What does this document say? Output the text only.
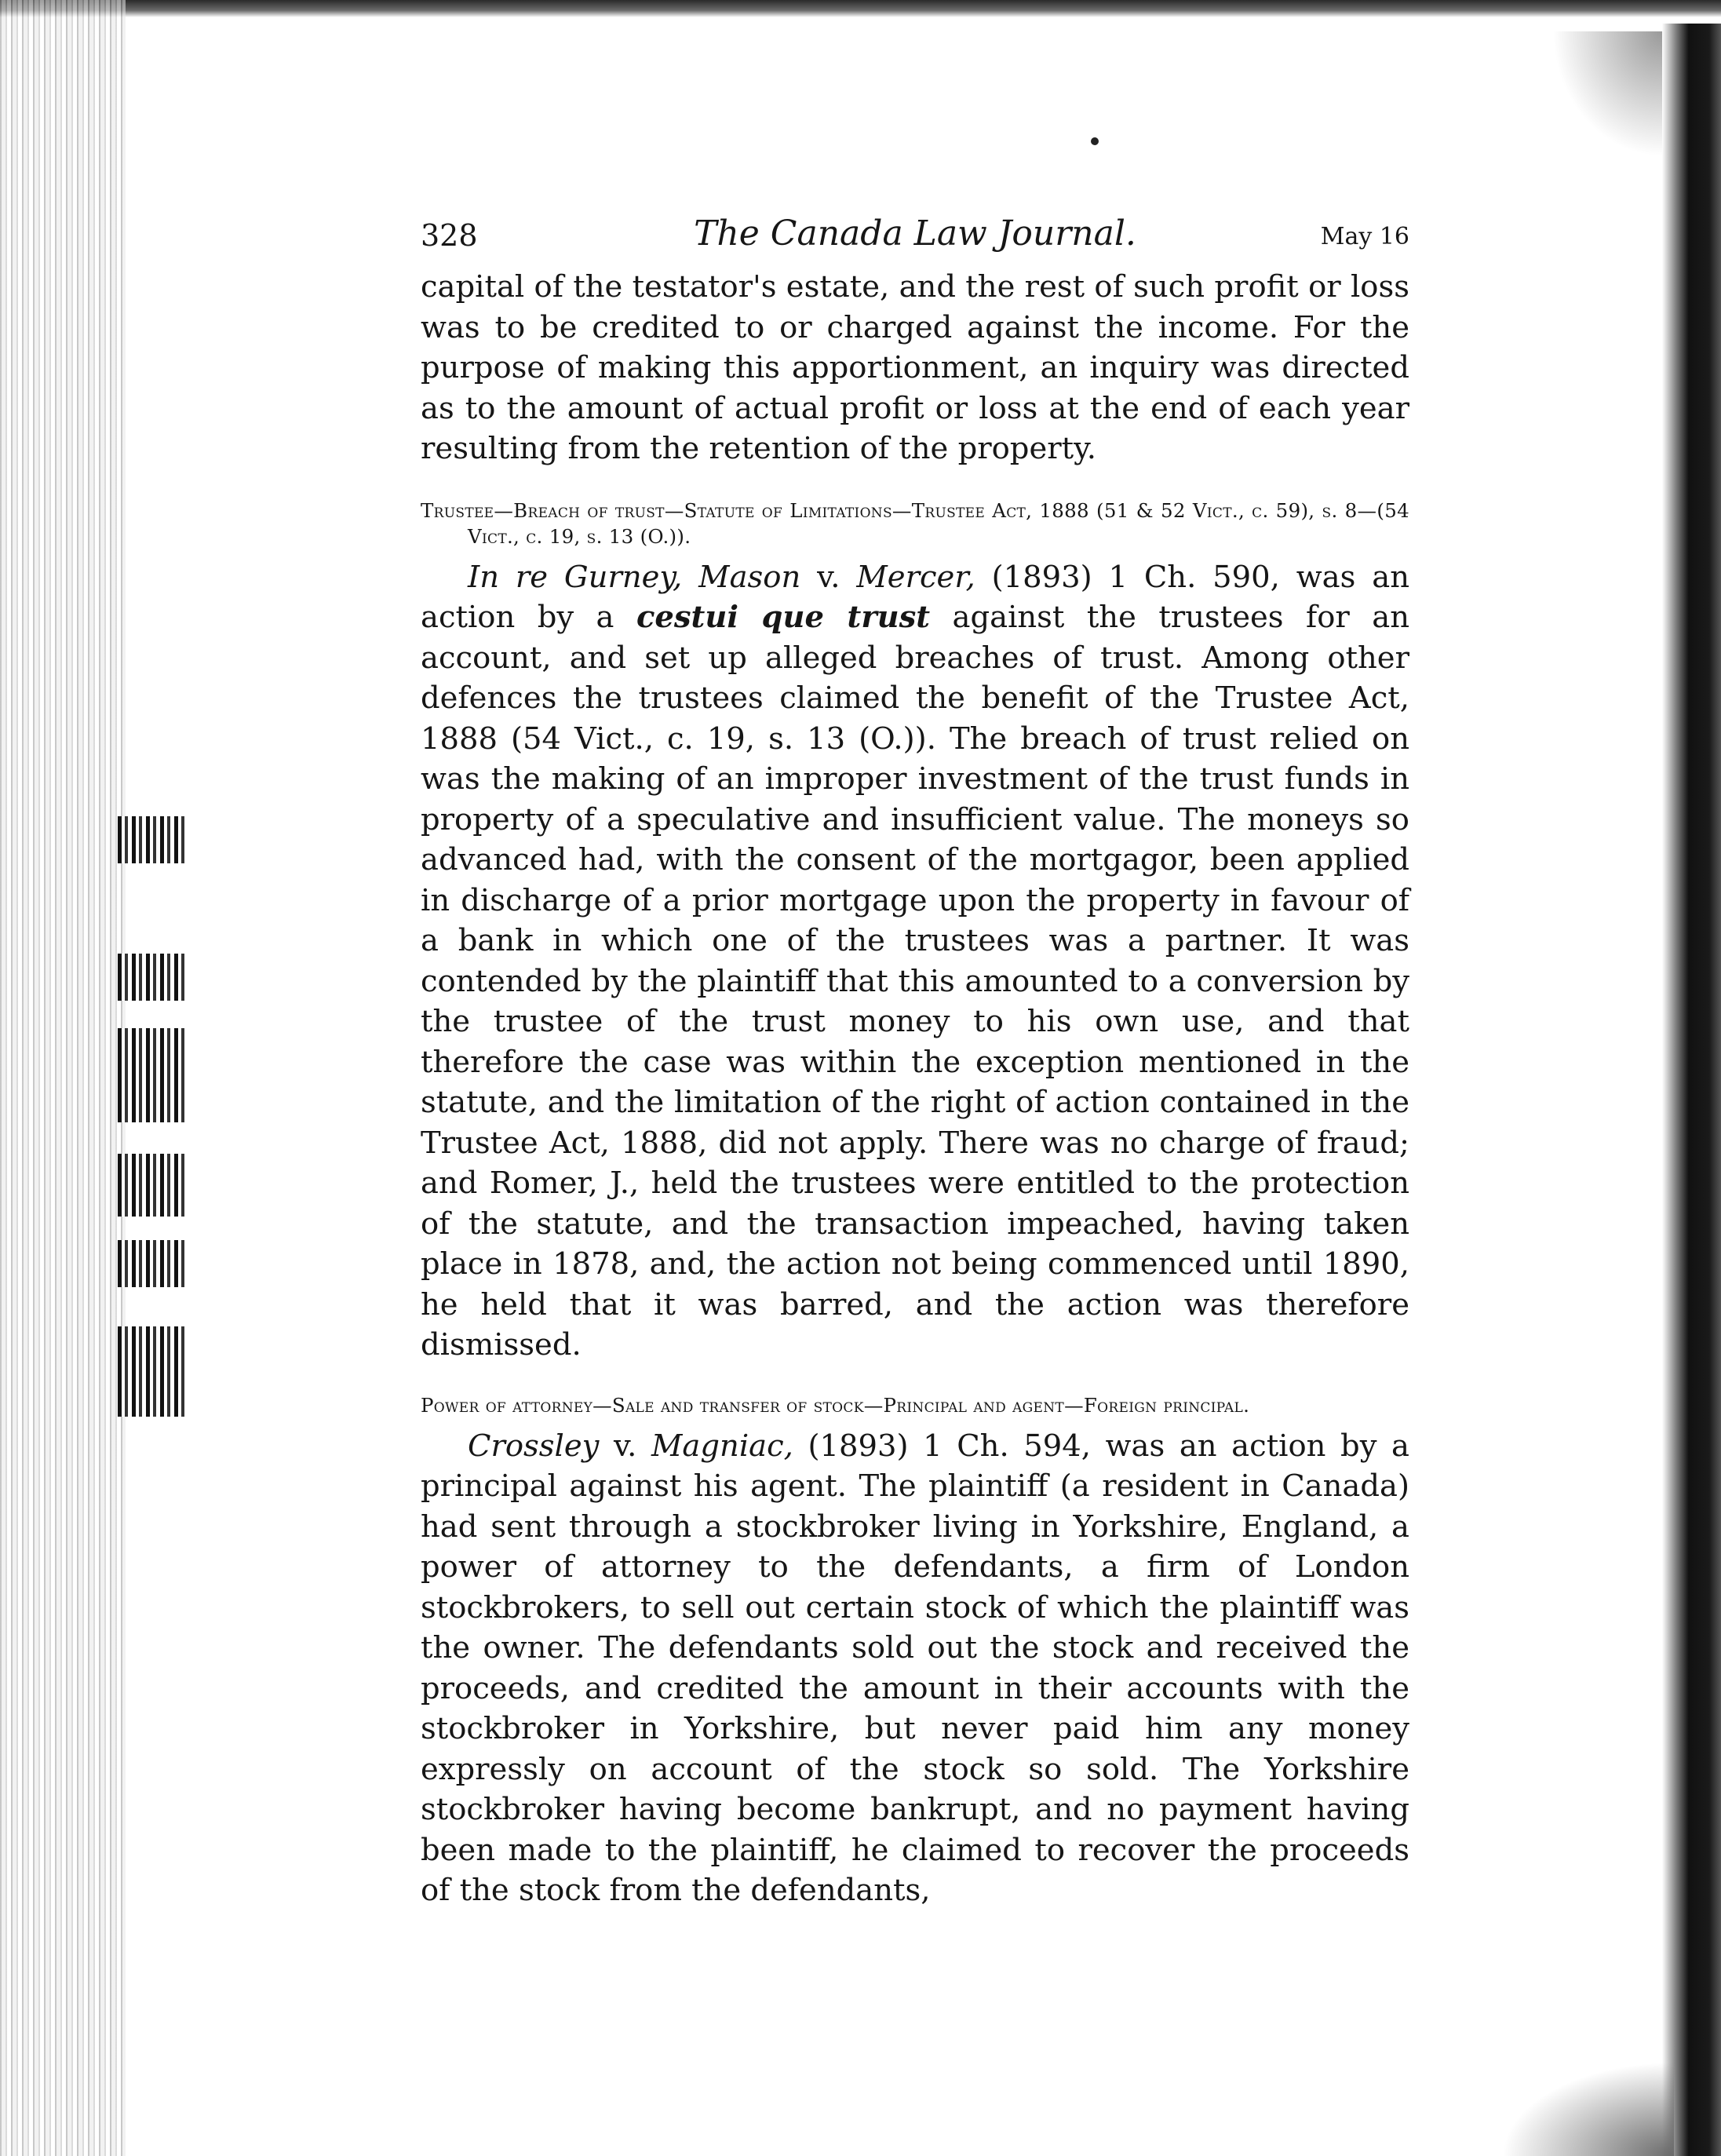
328	The Canada Law Journal.	May 16

capital of the testator's estate, and the rest of such profit or loss was to be credited to or charged against the income. For the purpose of making this apportionment, an inquiry was directed as to the amount of actual profit or loss at the end of each year resulting from the retention of the property.

Trustee—Breach of trust—Statute of Limitations—Trustee Act, 1888 (51 & 52 Vict., c. 59), s. 8—(54 Vict., c. 19, s. 13 (O.)).

In re Gurney, Mason v. Mercer, (1893) 1 Ch. 590, was an action by a cestui que trust against the trustees for an account, and set up alleged breaches of trust. Among other defences the trustees claimed the benefit of the Trustee Act, 1888 (54 Vict., c. 19, s. 13 (O.)). The breach of trust relied on was the making of an improper investment of the trust funds in property of a speculative and insufficient value. The moneys so advanced had, with the consent of the mortgagor, been applied in discharge of a prior mortgage upon the property in favour of a bank in which one of the trustees was a partner. It was contended by the plaintiff that this amounted to a conversion by the trustee of the trust money to his own use, and that therefore the case was within the exception mentioned in the statute, and the limitation of the right of action contained in the Trustee Act, 1888, did not apply. There was no charge of fraud; and Romer, J., held the trustees were entitled to the protection of the statute, and the transaction impeached, having taken place in 1878, and, the action not being commenced until 1890, he held that it was barred, and the action was therefore dismissed.

Power of attorney—Sale and transfer of stock—Principal and agent—Foreign principal.

Crossley v. Magniac, (1893) 1 Ch. 594, was an action by a principal against his agent. The plaintiff (a resident in Canada) had sent through a stockbroker living in Yorkshire, England, a power of attorney to the defendants, a firm of London stockbrokers, to sell out certain stock of which the plaintiff was the owner. The defendants sold out the stock and received the proceeds, and credited the amount in their accounts with the stockbroker in Yorkshire, but never paid him any money expressly on account of the stock so sold. The Yorkshire stockbroker having become bankrupt, and no payment having been made to the plaintiff, he claimed to recover the proceeds of the stock from the defendants,
